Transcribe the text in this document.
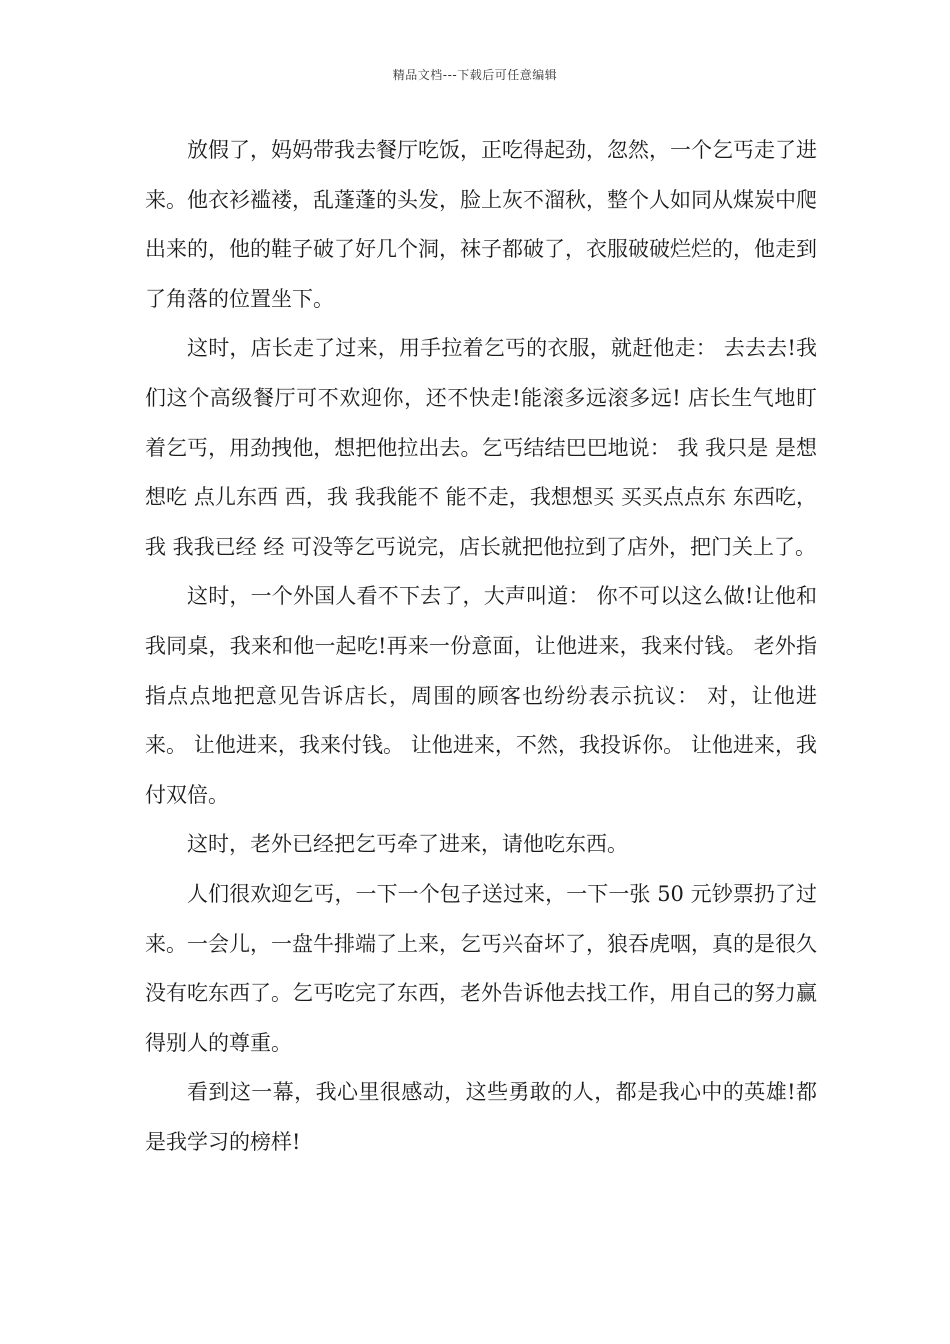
精品文档---下载后可任意编辑

放假了，妈妈带我去餐厅吃饭，正吃得起劲，忽然，一个乞丐走了进来。他衣衫褴褛，乱蓬蓬的头发，脸上灰不溜秋，整个人如同从煤炭中爬出来的，他的鞋子破了好几个洞，袜子都破了，衣服破破烂烂的，他走到了角落的位置坐下。

这时，店长走了过来，用手拉着乞丐的衣服，就赶他走： 去去去!我们这个高级餐厅可不欢迎你，还不快走!能滚多远滚多远! 店长生气地盯着乞丐，用劲拽他，想把他拉出去。乞丐结结巴巴地说： 我 我只是 是想 想吃 点儿东西 西，我 我我能不 能不走，我想想买 买买点点东 东西吃，我 我我已经 经 可没等乞丐说完，店长就把他拉到了店外，把门关上了。

这时，一个外国人看不下去了，大声叫道： 你不可以这么做!让他和我同桌，我来和他一起吃!再来一份意面，让他进来，我来付钱。 老外指指点点地把意见告诉店长，周围的顾客也纷纷表示抗议： 对，让他进来。 让他进来，我来付钱。 让他进来，不然，我投诉你。 让他进来，我付双倍。

这时，老外已经把乞丐牵了进来，请他吃东西。

人们很欢迎乞丐，一下一个包子送过来，一下一张 50 元钞票扔了过来。一会儿，一盘牛排端了上来，乞丐兴奋坏了，狼吞虎咽，真的是很久没有吃东西了。乞丐吃完了东西，老外告诉他去找工作，用自己的努力赢得别人的尊重。

看到这一幕，我心里很感动，这些勇敢的人，都是我心中的英雄!都是我学习的榜样!
